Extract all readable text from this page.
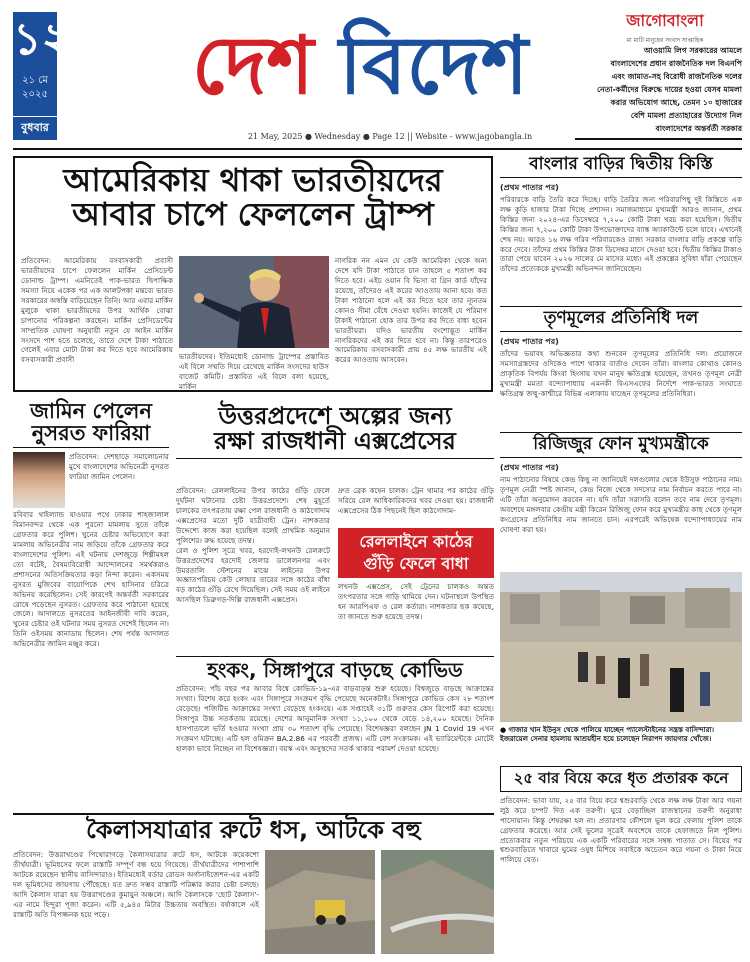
১২
২১ মে
২০২৫
বুধবার
দেশ বিদেশ
21 May, 2025 ● Wednesday ● Page 12 || Website - www.jagobangla.in
জাগোবাংলা
মা মাটি মানুষের সংবাদ সাপ্তাহিক
আওয়ামি লিগ সরকারের আমলে
বাংলাদেশের প্রধান রাজনৈতিক দল বিএনপি
এবং জামাত-সহ বিরোধী রাজনৈতিক দলের
নেতা-কর্মীদের বিরুদ্ধে দায়ের হওয়া যেসব মামলা
করার অভিযোগ আছে, তেমন ১০ হাজারের
বেশি মামলা প্রত্যাহারের উদ্যোগ নিল
বাংলাদেশের অন্তর্বর্তী সরকার
আমেরিকায় থাকা ভারতীয়দের
আবার চাপে ফেললেন ট্রাম্প
প্রতিবেদন: আমেরিকায় বসবাসকারী প্রবাসী ভারতীয়দের চাপে ফেললেন মার্কিন প্রেসিডেন্ট ডোনাল্ড ট্রাম্প। এমনিতেই পাক-ভারত দ্বিপাক্ষিক সমস্যা নিয়ে একেক পর এক আলটপকা মন্তব্যে ভারত সরকারের অস্বস্তি বাড়িয়েছেন তিনি। আর এবার মার্কিন মুলুকে থাকা ভারতীয়দের উপর আর্থিক বোঝা চাপানোর পরিকল্পনা করছেন। মার্কিন প্রেসিডেন্টের সাম্প্রতিক ঘোষণা অনুযায়ী নতুন যে আইন মার্কিন সংসদে পাশ হতে চলেছে, তাতে দেশে টাকা পাঠাতে গেলেই এবার মোটা টাকা কর দিতে হবে আমেরিকায় বসবাসকারী প্রবাসী	ভারতীয়দের। ইতিমধ্যেই ডোনাল্ড ট্রাম্পের প্রস্তাবিত এই বিলে সম্মতি দিয়ে রেখেছে মার্কিন সংসদের হাউস বাজেট কমিটি। প্রস্তাবিত এই বিলে বলা হয়েছে, মার্কিন
নাগরিক নন এমন যে কেউ আমেরিকা থেকে অন্য দেশে যদি টাকা পাঠাতে চান তাহলে ৫ শতাংশ কর দিতে হবে। এইচ ওয়ান বি ভিসা বা গ্রিন কার্ড যাঁদের রয়েছে, তাঁদেরও এই করের আওতায় আনা হবে। কত টাকা পাঠানো হলে এই কর দিতে হবে তার ন্যূনতম কোনও সীমা বেঁধে দেওয়া হয়নি। কাজেই যে পরিমাণ টাকাই পাঠানো হোক তার উপর কর দিতে বাধ্য হবেন ভারতীয়রা। যদিও ভারতীয় বংশোদ্ভূত মার্কিন নাগরিকদের এই কর দিতে হবে না। কিন্তু তারপরেও আমেরিকায় বসবাসকারী প্রায় ৪৫ লক্ষ ভারতীয় এই করের আওতায় আসবেন।
বাংলার বাড়ির দ্বিতীয় কিস্তি
(প্রথম পাতার পর)
পরিবারকে বাড়ি তৈরি করে দিচ্ছে। বাড়ি তৈরির জন্য পরিবারপিছু দুই কিস্তিতে এক লক্ষ কুড়ি হাজার টাকা দিচ্ছে প্রশাসন। সমাজমাধ্যমে মুখ্যমন্ত্রী আরও জানান, প্রথম কিস্তির জন্য ২০২৪-এর ডিসেম্বরে ৭,২০০ কোটি টাকা খরচ করা হয়েছিল। দ্বিতীয় কিস্তির জন্য ৭,২০০ কোটি টাকা উপভোক্তাদের ব্যাঙ্ক অ্যাকাউন্টে চলে যাবে। এখানেই শেষ নয়। আরও ১৬ লক্ষ গরিব পরিবারকেও রাজ্য সরকার বাংলার বাড়ি প্রকল্পে বাড়ি করে দেবে। তাঁদের প্রথম কিস্তির টাকা ডিসেম্বর মাসে দেওয়া হবে। দ্বিতীয় কিস্তির টাকাও তারা পেয়ে যাবেন ২০২৬ সালের মে মাসের মধ্যে। এই প্রকল্পের সুবিধা যাঁরা পেয়েছেন তাঁদের প্রত্যেককে মুখ্যমন্ত্রী অভিনন্দন জানিয়েছেন।
তৃণমূলের প্রতিনিধি দল
(প্রথম পাতার পর)
তাঁদের ভয়াবহ অভিজ্ঞতার কথা শুনবেন তৃণমূলের প্রতিনিধি দল। প্রয়োজনে সমস্যাগ্রস্তদের ওদিকেও পাশে থাকার বার্তাও দেবেন তাঁরা। বাংলার কোথাও কোনও প্রাকৃতিক বিপর্যয় কিংবা হিংসায় যখন মানুষ ক্ষতিগ্রস্ত হয়েছেন, তখনও তৃণমূল নেত্রী মুখ্যমন্ত্রী মমতা বন্দ্যোপাধ্যায় এমনকী বিএসএফের নির্দেশে পাক-ভারত সংঘাতে ক্ষতিগ্রস্ত জম্মু-কাশ্মীরে বিভিন্ন এলাকায় যাচ্ছেন তৃণমূলের প্রতিনিধিরা।
রিজিজুর ফোন মুখ্যমন্ত্রীকে
(প্রথম পাতার পর)
নাম পাঠানোর বিষয়ে কেন্দ্র কিছু না জানিয়েই দলগুলোর থেকে ইউসুফ পাঠানের নাম। তৃণমূল নেত্রী স্পষ্ট জানান, কেন্দ্র নিজে থেকে সদস্যের নাম নির্বাচন করতে পারে না। এটি তাঁরা অনুমোদন করবেন না। যদি তাঁরা সরাসরি বলেন তবে নাম দেবে তৃণমূল। অবশেষে মঙ্গলবার কেন্দ্রীয় মন্ত্রী কিরেন রিজিজু ফোন করে মুখ্যমন্ত্রীর কাছ থেকে তৃণমূল কংগ্রেসের প্রতিনিধির নাম জানতে চান। এরপরেই অভিষেক বন্দ্যোপাধ্যায়ের নাম ঘোষণা করা হয়।
● গাজার খান ইউনুস থেকে পালিয়ে যাচ্ছেন প্যালেস্টাইনের সন্ত্রস্ত বাসিন্দারা। ইজরায়েল সেনার হামলায় আশ্রয়হীন হয়ে চলেছেন নিরাপদ জায়গার খোঁজে।
২৫ বার বিয়ে করে ধৃত প্রতারক কনে
প্রতিবেদন: ভাবা যায়, ২৫ বার বিয়ে করে শ্বশুরবাড়ি থেকে লক্ষ লক্ষ টাকা আর গয়না লুঠ করে চম্পট দিত এক তরুণী। ঘুরে বেড়াচ্ছিল রাজস্থানের তরুণী অনুরাধা পাসোয়ান। কিন্তু শেষরক্ষা হল না। প্রতারণার কৌশলে ভুল করে ফেলায় পুলিশ তাকে গ্রেফতার করেছে। আর সেই ভুলের সূত্রেই অবশেষে তাকে হেফাজতে নিল পুলিশ। প্রত্যেকবার নতুন পরিচয়ে এক একটি পরিবারের সঙ্গে সম্বন্ধ পাতাত সে। বিয়ের পর শ্বশুরবাড়িতে খাবারে ঘুমের ওষুধ মিশিয়ে সবাইকে অচেতন করে গয়না ও টাকা নিয়ে পালিয়ে যেত।
জামিন পেলেন
নুসরত ফারিয়া
প্রতিবেদন: দেশছাড়ে সমালোচনার মুখে বাংলাদেশের অভিনেত্রী নুসরত ফারিয়া জামিন পেলেন।
রবিবার থাইল্যান্ড যাওয়ার পথে ঢাকার শাহজালাল বিমানবন্দর থেকে এক পুরনো মামলায় সুতে তাঁকে গ্রেফতার করে পুলিশ। খুনের চেষ্টার অভিযোগে করা মামলায় অভিনেত্রীর নাম জড়িয়ে তাঁকে গ্রেফতার করে বাংলাদেশের পুলিশ। এই ঘটনায় দেশজুড়ে শিল্পীমহল তো বটেই, বৈষম্যবিরোধী আন্দোলনের সমর্থকরাও প্রশাসনের অতিসক্রিয়তার কড়া নিন্দা করেন। একসময় নুসরত মুজিবের বায়োপিকে শেখ হাসিনার চরিত্রে অভিনয় করেছিলেন। সেই কারণেই অন্তর্বর্তী সরকারের রোষে পড়েছেন নুসরত। গ্রেফতার করে পাঠানো হয়েছে জেলে। আদালতে নুসরতের আইনজীবী দাবি করেন, খুনের চেষ্টার ওই ঘটনার সময় নুসরত দেশেই ছিলেন না। তিনি ওইসময় কানাডায় ছিলেন। শেষ পর্যন্ত আদালত অভিনেত্রীর জামিন মঞ্জুর করে।
উত্তরপ্রদেশে অল্পের জন্য
রক্ষা রাজধানী এক্সপ্রেসের
প্রতিবেদন: রেললাইনের উপর কাঠের গুঁড়ি ফেলে দুর্ঘটনা ঘটানোর চেষ্টা উত্তরপ্রদেশে। শেষ মুহূর্তে চালকের তৎপরতায় রক্ষা পেল রাজধানী ও কাঠগোদাম এক্সপ্রেসের মতো দুটি যাত্রীবাহী ট্রেন। নাশকতার উদ্দেশ্যে কাজ করা হয়েছিল বলেই প্রাথমিক অনুমান পুলিশের। রুদ্ধ হয়েছে তদন্ত।
রেল ও পুলিশ সূত্রে খবর, হরদোই-লখনউ রেলরুটে উত্তরপ্রদেশের হরদোই জেলার ডালেলনগর এবং উমরতালি স্টেশনের মাঝে লাইনের উপর অজ্ঞাতপরিচয় কেউ লোহার তারের সঙ্গে কাঠের বাঁধা বড় কাঠের গুঁড়ি রেখে দিয়েছিল। সেই সময় ওই লাইনে আসছিল ডিব্রুগড়-দিল্লি রাজধানী এক্সপ্রেস।
দ্রুত ব্রেক কষেন চালক। ট্রেন থামার পর কাঠের গুঁড়ি সরিয়ে রেল আধিকারিকদের খবর দেওয়া হয়। রাজধানী এক্সপ্রেসের ঠিক পিছনেই ছিল কাঠগোদাম-
রেললাইনে কাঠের
গুঁড়ি ফেলে বাধা
লখনউ এক্সপ্রেস, সেই ট্রেনের চালকও অন্তত তৎপরতার সঙ্গে গাড়ি থামিয়ে দেন। ঘটনাস্থলে উপস্থিত হন আরপিএফ ও রেল কর্তারা। নাশকতার ছক কষেছে, তা জানতে শুরু হয়েছে তদন্ত।
হংকং, সিঙ্গাপুরে বাড়ছে কোভিড
প্রতিবেদন: পাঁচ বছর পর আবার বিশ্বে কোভিড-১৯-এর বাড়বাড়ন্ত শুরু হয়েছে। বিশ্বজুড়ে বাড়ছে আক্রান্তের সংখ্যা। বিশেষ করে হংকং এবং সিঙ্গাপুরে সংক্রমণ বৃদ্ধি পেয়েছে অনেকটাই। সিঙ্গাপুরে কোভিড কেস ২৮ শতাংশ বেড়েছে। পজিটিভ আক্রান্তের সংখ্যা বেড়েছে হংকংয়ে। এক সপ্তাহেই ৩১টি গুরুতর কেস রিপোর্ট করা হয়েছে। সিঙ্গাপুর উচ্চ সতর্কতায় রয়েছে। দেশের আনুমানিক সংখ্যা ১১,১০০ থেকে বেড়ে ১৪,২০০ হয়েছে। দৈনিক হাসপাতালে ভর্তি হওয়ার সংখ্যা প্রায় ৩০ শতাংশ বৃদ্ধি পেয়েছে। বিশেষজ্ঞরা বলছেন JN 1 Covid 19 এখন সংক্রমণ ঘটাচ্ছে। এটি হল ওমিক্রন BA.2.86 এর পরবর্তী প্রজন্ম। এটি বেশ সংক্রামক। এই ভ্যারিয়েন্টকে মোটেই হালকা ভাবে নিচ্ছেন না বিশেষজ্ঞরা। বয়স্ক এবং অসুস্থদের সতর্ক থাকার পরামর্শ দেওয়া হয়েছে।
কৈলাসযাত্রার রুটে ধস, আটকে বহু
প্রতিবেদন: উত্তরাখণ্ডের পিথোরাগড়ে কৈলাসযাত্রার রুটে ধস, আটকে কয়েকশো তীর্থযাত্রী। ভূমিধসের ফলে রাস্তাটি সম্পূর্ণ বন্ধ হয়ে গিয়েছে। তীর্থযাত্রীদের পাশাপাশি আটকে রয়েছেন স্থানীয় বাসিন্দারাও। ইতিমধ্যেই বর্ডার রোডস অর্গানাইজেশন-এর একটি দল ভূমিধসের জায়গায় পৌঁছেছে। যত দ্রুত সম্ভব রাস্তাটি পরিষ্কার করার চেষ্টা চলছে। আদি কৈলাস যাত্রা হয় উত্তরাখণ্ডের কুমায়ুন অঞ্চলে। আদি কৈলাসকে 'ছোট কৈলাস'-এর নামে হিন্দুরা পূজা করেন। এটি ৫,৯৪৫ মিটার উচ্চতায় অবস্থিত। বর্ষাকালে এই রাস্তাটি অতি বিপজ্জনক হয়ে পড়ে।
